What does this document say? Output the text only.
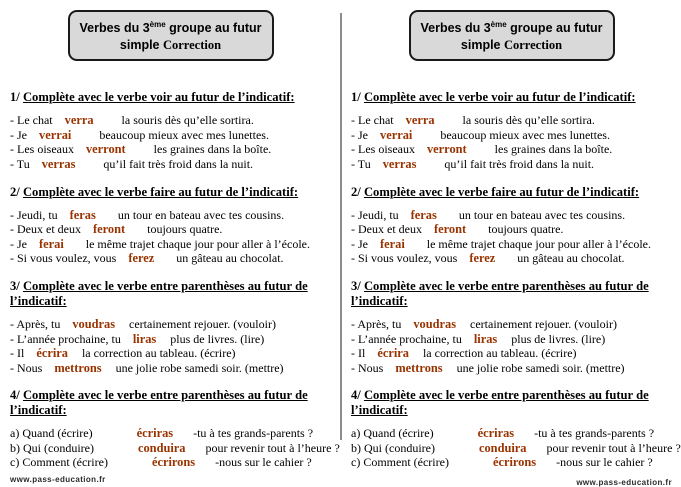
Verbes du 3ème groupe au futur
simple Correction
1/ Complète avec le verbe voir au futur de l’indicatif:
- Le chat verra la souris dès qu’elle sortira.
- Je verrai beaucoup mieux avec mes lunettes.
- Les oiseaux verront les graines dans la boîte.
- Tu verras qu’il fait très froid dans la nuit.
2/ Complète avec le verbe faire au futur de l’indicatif:
- Jeudi, tu feras un tour en bateau avec tes cousins.
- Deux et deux feront toujours quatre.
- Je ferai le même trajet chaque jour pour aller à l’école.
- Si vous voulez, vous ferez un gâteau au chocolat.
3/ Complète avec le verbe entre parenthèses au futur de l’indicatif:
- Après, tu voudras certainement rejouer. (vouloir)
- L’année prochaine, tu liras plus de livres. (lire)
- Il écrira la correction au tableau. (écrire)
- Nous mettrons une jolie robe samedi soir. (mettre)
4/ Complète avec le verbe entre parenthèses au futur de l’indicatif:
a) Quand (écrire)	écriras -tu à tes grands-parents ?
b) Qui (conduire)	conduira pour revenir tout à l’heure ?
c) Comment (écrire)	écrirons -nous sur le cahier ?
www.pass-education.fr
Verbes du 3ème groupe au futur
simple Correction
1/ Complète avec le verbe voir au futur de l’indicatif:
- Le chat verra la souris dès qu’elle sortira.
- Je verrai beaucoup mieux avec mes lunettes.
- Les oiseaux verront les graines dans la boîte.
- Tu verras qu’il fait très froid dans la nuit.
2/ Complète avec le verbe faire au futur de l’indicatif:
- Jeudi, tu feras un tour en bateau avec tes cousins.
- Deux et deux feront toujours quatre.
- Je ferai le même trajet chaque jour pour aller à l’école.
- Si vous voulez, vous ferez un gâteau au chocolat.
3/ Complète avec le verbe entre parenthèses au futur de l’indicatif:
- Après, tu voudras certainement rejouer. (vouloir)
- L’année prochaine, tu liras plus de livres. (lire)
- Il écrira la correction au tableau. (écrire)
- Nous mettrons une jolie robe samedi soir. (mettre)
4/ Complète avec le verbe entre parenthèses au futur de l’indicatif:
a) Quand (écrire)	écriras -tu à tes grands-parents ?
b) Qui (conduire)	conduira pour revenir tout à l’heure ?
c) Comment (écrire)	écrirons -nous sur le cahier ?
www.pass-education.fr
